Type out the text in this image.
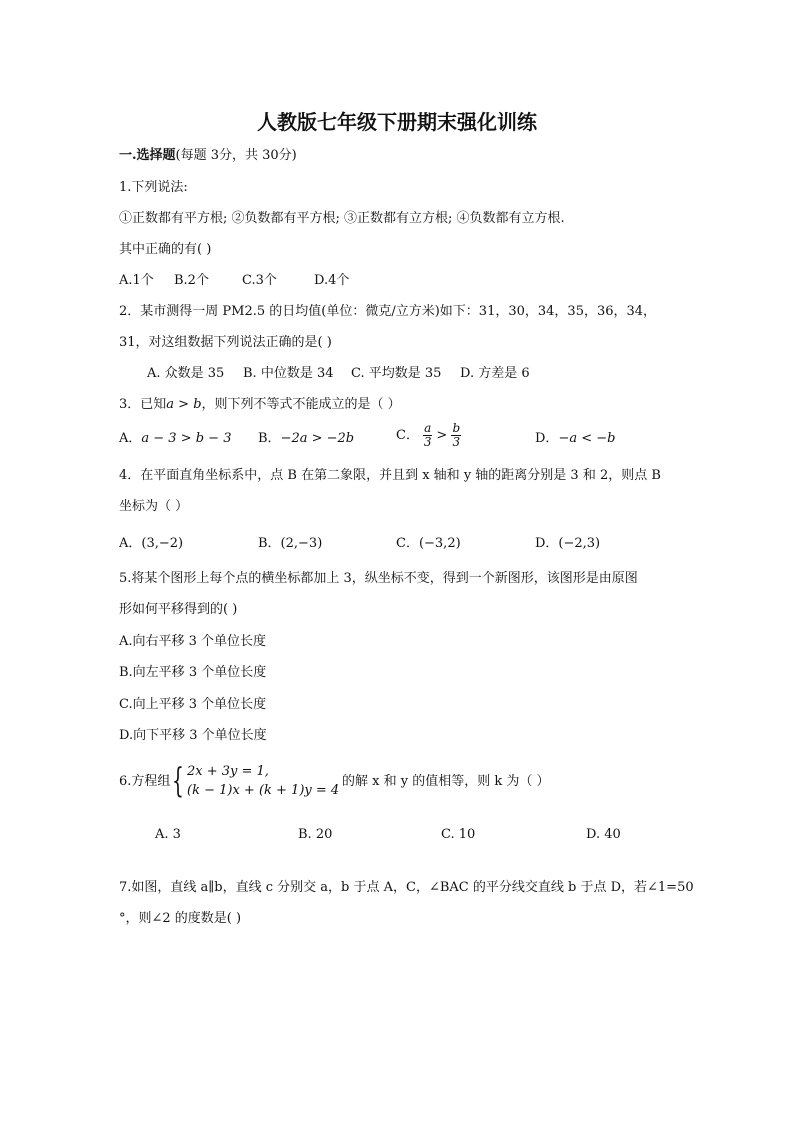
人教版七年级下册期末强化训练
一.选择题(每题 3分，共 30分)
1.下列说法:
①正数都有平方根; ②负数都有平方根; ③正数都有立方根; ④负数都有立方根.
其中正确的有( )
A.1个 B.2个	C.3个	D.4个
2．某市测得一周 PM2.5 的日均值(单位：微克/立方米)如下：31，30，34，35，36，34，
31，对这组数据下列说法正确的是( )
A. 众数是 35 B. 中位数是 34 C. 平均数是 35 D. 方差是 6
3．已知a > b，则下列不等式不能成立的是（ ）
A．a − 3 > b − 3 B．−2a > −2b	C． $\frac{a}{3} > \frac{b}{3}$	D．−a < −b
4．在平面直角坐标系中，点 B 在第二象限，并且到 x 轴和 y 轴的距离分别是 3 和 2，则点 B
坐标为（ ）
A．(3,−2)	B．(2,−3)	C．(−3,2)	D．(−2,3)
5.将某个图形上每个点的横坐标都加上 3，纵坐标不变，得到一个新图形，该图形是由原图
形如何平移得到的( )
A.向右平移 3 个单位长度
B.向左平移 3 个单位长度
C.向上平移 3 个单位长度
D.向下平移 3 个单位长度
6.方程组 { 2x + 3y = 1,
(k − 1)x + (k + 1)y = 4
的解 x 和 y 的值相等，则 k 为（ ）
A. 3	B. 20	C. 10	D. 40
7.如图，直线 a∥b，直线 c 分别交 a，b 于点 A，C，∠BAC 的平分线交直线 b 于点 D，若∠1=50
°，则∠2 的度数是( )
